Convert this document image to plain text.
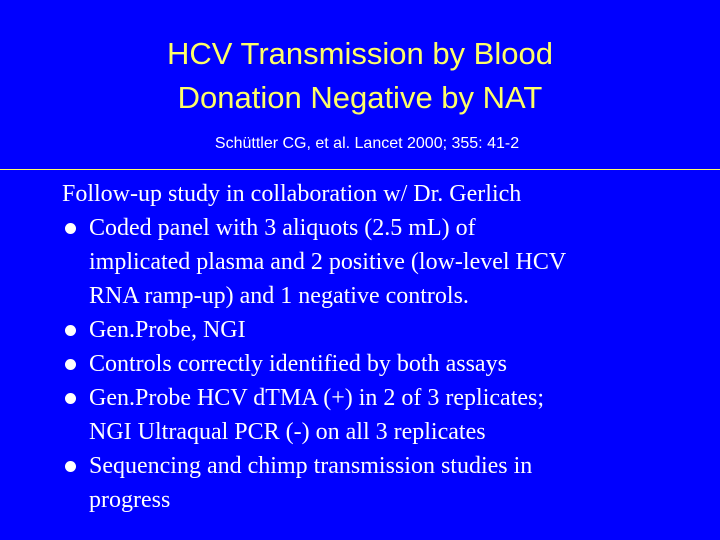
HCV Transmission by Blood
Donation Negative by NAT
Schüttler CG, et al. Lancet 2000; 355: 41-2

Follow-up study in collaboration w/ Dr. Gerlich

Coded panel with 3 aliquots (2.5 mL) of
implicated plasma and 2 positive (low-level HCV
RNA ramp-up) and 1 negative controls.
Gen.Probe, NGI
Controls correctly identified by both assays
Gen.Probe HCV dTMA (+) in 2 of 3 replicates;
NGI Ultraqual PCR (-) on all 3 replicates
Sequencing and chimp transmission studies in
progress
